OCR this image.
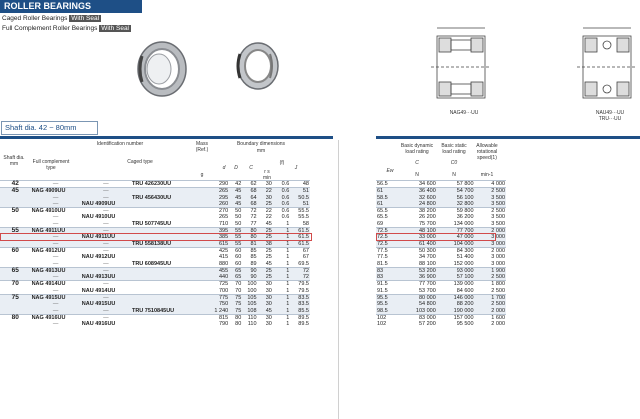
ROLLER BEARINGS
Caged Roller Bearings With Seal
Full Complement Roller Bearings With Seal
NAG49···UU	NAU49···UU
TRU···UU
Shaft dia. 42 ~ 80mm
Shaft dia. mm
Identification number
Full complement type
Caged type
Mass (Ref.)
g
Boundary dimensions
mm
d	D	C
r s min
(f)
J	Ew
Basic dynamic load rating
C
Basic static load rating
C0
Allowable rotational speed(1)
N	N	min-1
42	—	—	TRU 426230UU	290	42	62	30	0.6	48
45	NAG 4909UU	—		265	45	68	22	0.6	51
	—	—	TRU 456430UU	295	45	64	30	0.6	50.5
	—	NAU 4909UU		260	45	68	25	0.6	51
50	NAG 4910UU	—		270	50	72	22	0.6	55.5
	—	NAU 4910UU		265	50	72	22	0.6	55.5
	—	—	TRU 507745UU	710	50	77	45	1	58
55	NAG 4911UU	—		395	55	80	25	1	61.5
	—	NAU 4911UU		385	55	80	25	1	61.5
	—	—	TRU 558138UU	615	55	81	38	1	61.5
60	NAG 4912UU	—		425	60	85	25	1	67
	—	NAU 4912UU		415	60	85	25	1	67
	—	—	TRU 608945UU	880	60	89	45	1	69.5
65	NAG 4913UU	—		455	65	90	25	1	72
	—	NAU 4913UU		440	65	90	25	1	72
70	NAG 4914UU	—		725	70	100	30	1	79.5
	—	NAU 4914UU		700	70	100	30	1	79.5
75	NAG 4915UU	—		775	75	105	30	1	83.5
	—	NAU 4915UU		750	75	105	30	1	83.5
	—	—	TRU 7510845UU	1 240	75	108	45	1	85.5
80	NAG 4916UU	—		815	80	110	30	1	89.5
	—	NAU 4916UU		790	80	110	30	1	89.5
56.5	34 600	57 800	4 000
61	36 400	54 700	2 500
58.5	32 600	56 100	3 500
61	24 800	32 800	3 500
65.5	38 200	59 800	2 500
65.5	26 200	36 200	3 500
69	75 700	134 000	3 500
72.5	48 100	77 700	2 000
72.5	33 000	47 000	3 000
72.5	61 400	104 000	3 000
77.5	50 300	84 300	2 000
77.5	34 700	51 400	3 000
81.5	88 100	152 000	3 000
83	53 200	93 000	1 900
83	36 900	57 100	2 500
91.5	77 700	139 000	1 800
91.5	53 700	84 600	2 500
95.5	80 000	146 000	1 700
95.5	54 800	88 200	2 500
98.5	103 000	190 000	2 000
102	83 000	157 000	1 600
102	57 200	95 500	2 000
